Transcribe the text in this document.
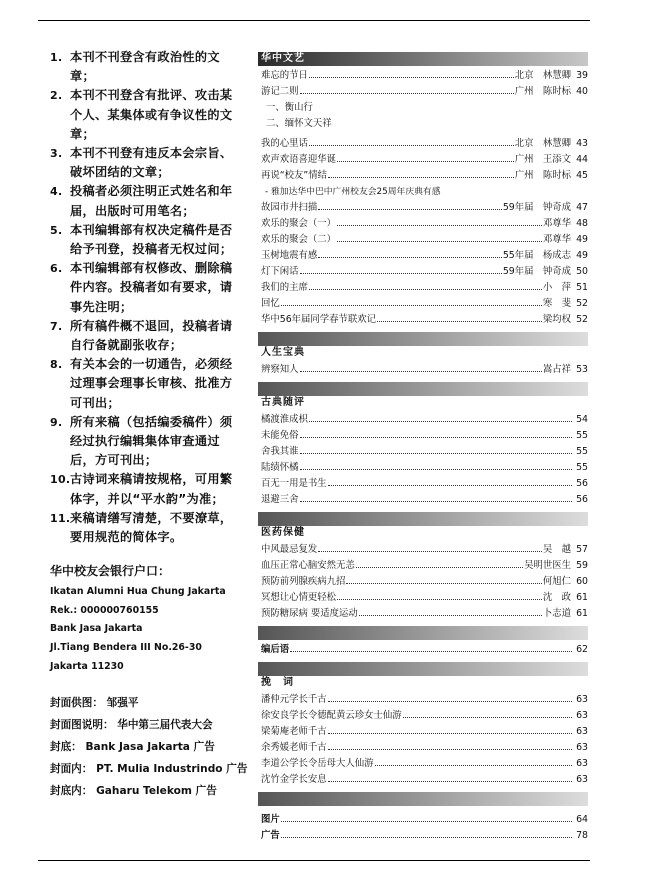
1. 本刊不刊登含有政治性的文章；
2. 本刊不刊登含有批评、攻击某个人、某集体或有争议性的文章；
3. 本刊不刊登有违反本会宗旨、破坏团结的文章；
4. 投稿者必须注明正式姓名和年届，出版时可用笔名；
5. 本刊编辑部有权决定稿件是否给予刊登，投稿者无权过问；
6. 本刊编辑部有权修改、删除稿件内容。投稿者如有要求，请事先注明；
7. 所有稿件概不退回，投稿者请自行备就副张收存；
8. 有关本会的一切通告，必须经过理事会理事长审核、批准方可刊出；
9. 所有来稿（包括编委稿件）须经过执行编辑集体审查通过后，方可刊出；
10. 古诗词来稿请按规格，可用繁体字，并以“平水韵”为准；
11. 来稿请缮写清楚，不要潦草，要用规范的简体字。
华中校友会银行户口：
Ikatan Alumni Hua Chung Jakarta
Rek.: 000000760155
Bank Jasa Jakarta
Jl.Tiang Bendera III No.26-30
Jakarta 11230
封面供图： 邹强平
封面图说明： 华中第三届代表大会
封底： Bank Jasa Jakarta 广告
封面内： PT. Mulia Industrindo 广告
封底内： Gaharu Telekom 广告
华中文艺
难忘的节日	北京　林慧卿 39
游记二则	广州　陈时标 40
一、衡山行
二、缅怀文天祥
我的心里话	北京　林慧卿 43
欢声欢语喜迎华诞	广州　王添文 44
再说“校友”情结	广州　陈时标 45
- 雅加达华中巴中广州校友会25周年庆典有感
故园市井扫描	59年届　钟奇成 47
欢乐的聚会（一）	邓尊华 48
欢乐的聚会（二）	邓尊华 49
玉树地震有感	55年届　杨成志 49
灯下闲话	59年届　钟奇成 50
我们的主席	小　萍 51
回忆	寒　斐 52
华中56年届同学春节联欢记	梁均权 52
人生宝典
辨察知人	嵩占祥 53
古典随评
橘渡淮成枳	54
未能免俗	55
舍我其谁	55
陆绩怀橘	55
百无一用是书生	56
退避三舍	56
医药保健
中风最忌复发	吴　越 57
血压正常心脑安然无恙	吴明世医生 59
预防前列腺疾病九招	何旭仁 60
冥想让心情更轻松	沈　政 61
预防糖尿病 要适度运动	卜志道 61
编后语	62
挽　词
潘仲元学长千古	63
徐安良学长令德配黄云珍女士仙游	63
梁菊庵老师千古	63
余秀媛老师千古	63
李道公学长令岳母大人仙游	63
沈竹金学长安息	63
图片	64
广告	78
